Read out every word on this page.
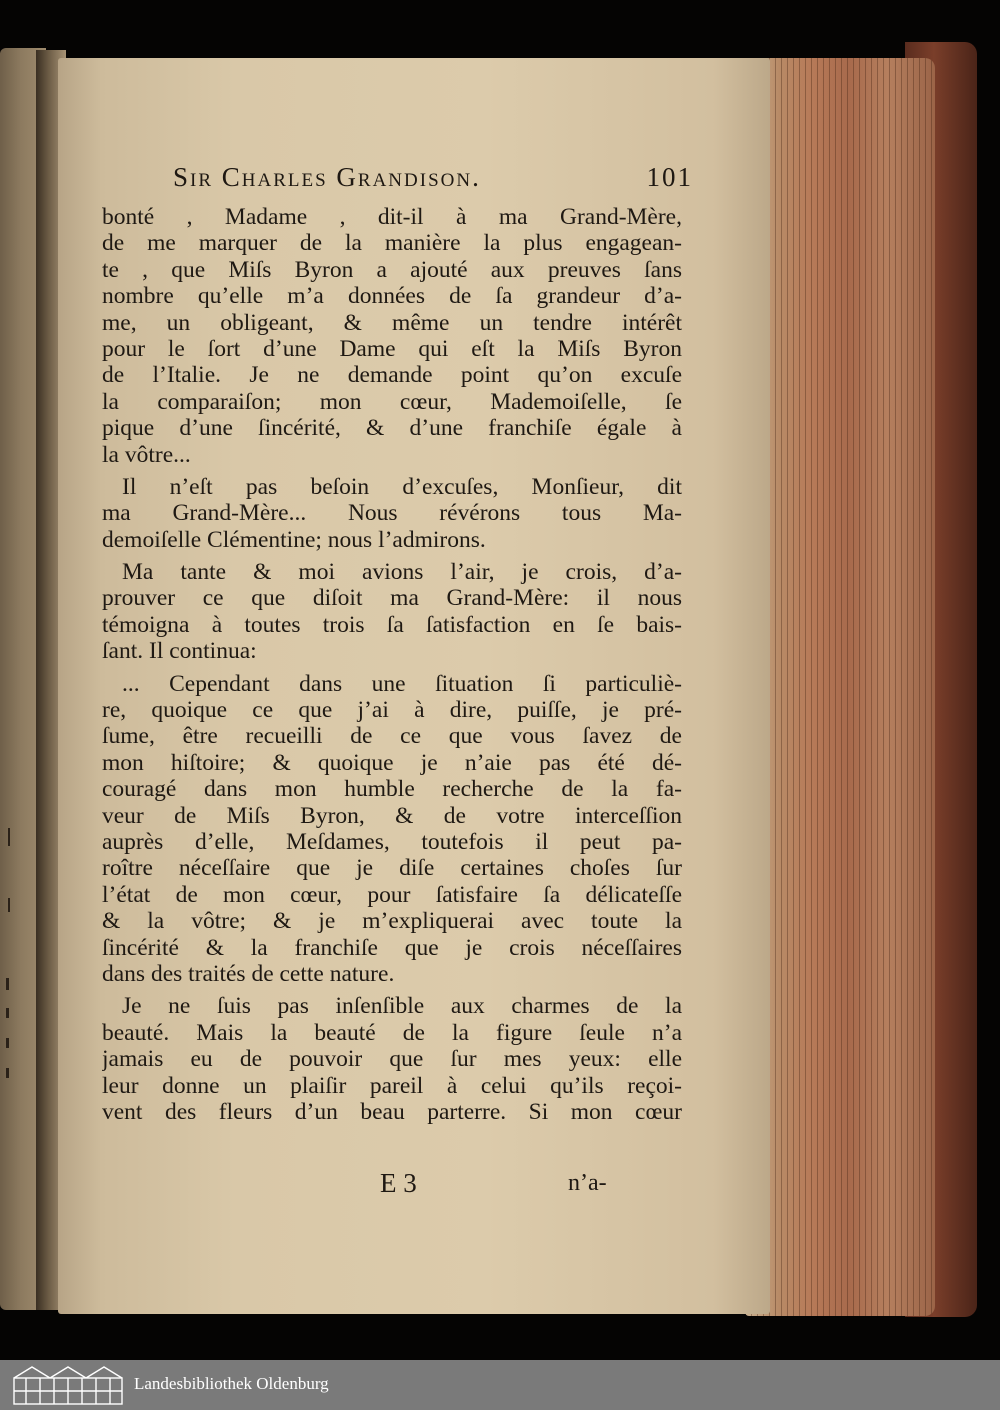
Sir Charles Grandison.	101
bonté , Madame , dit-il à ma Grand-Mère,
de me marquer de la manière la plus engagean-
te , que Miſs Byron a ajouté aux preuves ſans
nombre qu’elle m’a données de ſa grandeur d’a-
me, un obligeant, & même un tendre intérêt
pour le ſort d’une Dame qui eſt la Miſs Byron
de l’Italie. Je ne demande point qu’on excuſe
la comparaiſon; mon cœur, Mademoiſelle, ſe
pique d’une ſincérité, & d’une franchiſe égale à
la vôtre...
Il n’eſt pas beſoin d’excuſes, Monſieur, dit
ma Grand-Mère... Nous révérons tous Ma-
demoiſelle Clémentine; nous l’admirons.
Ma tante & moi avions l’air, je crois, d’a-
prouver ce que diſoit ma Grand-Mère: il nous
témoigna à toutes trois ſa ſatisfaction en ſe bais-
ſant. Il continua:
... Cependant dans une ſituation ſi particuliè-
re, quoique ce que j’ai à dire, puiſſe, je pré-
ſume, être recueilli de ce que vous ſavez de
mon hiſtoire; & quoique je n’aie pas été dé-
couragé dans mon humble recherche de la fa-
veur de Miſs Byron, & de votre interceſſion
auprès d’elle, Meſdames, toutefois il peut pa-
roître néceſſaire que je diſe certaines choſes ſur
l’état de mon cœur, pour ſatisfaire ſa délicateſſe
& la vôtre; & je m’expliquerai avec toute la
ſincérité & la franchiſe que je crois néceſſaires
dans des traités de cette nature.
Je ne ſuis pas inſenſible aux charmes de la
beauté. Mais la beauté de la figure ſeule n’a
jamais eu de pouvoir que ſur mes yeux: elle
leur donne un plaiſir pareil à celui qu’ils reçoi-
vent des fleurs d’un beau parterre. Si mon cœur
E 3	n’a-
Landesbibliothek Oldenburg
